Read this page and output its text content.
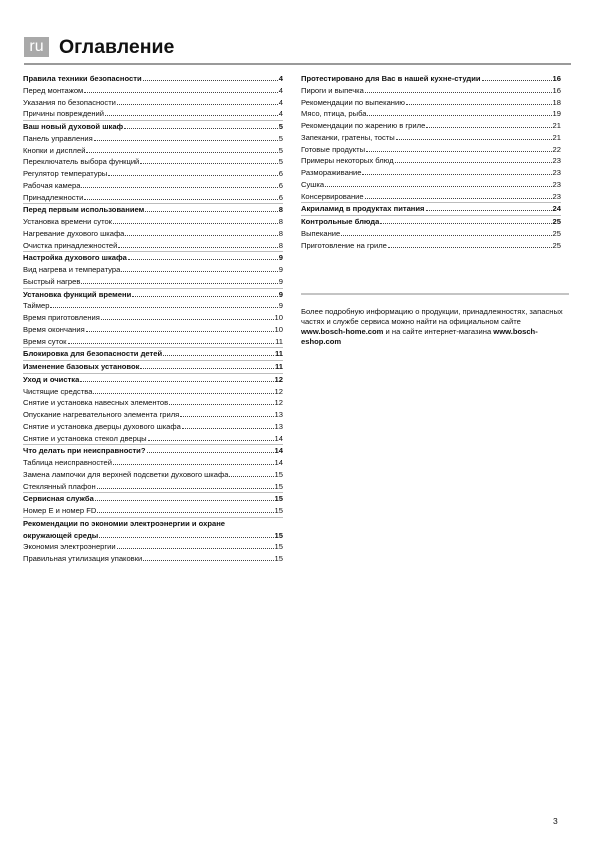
ru Оглавление
Правила техники безопасности	4
Перед монтажом	4
Указания по безопасности	4
Причины повреждений	4
Ваш новый духовой шкаф	5
Панель управления	5
Кнопки и дисплей	5
Переключатель выбора функций	5
Регулятор температуры	6
Рабочая камера	6
Принадлежности	6
Перед первым использованием	8
Установка времени суток	8
Нагревание духового шкафа	8
Очистка принадлежностей	8
Настройка духового шкафа	9
Вид нагрева и температура	9
Быстрый нагрев	9
Установка функций времени	9
Таймер	9
Время приготовления	10
Время окончания	10
Время суток	11
Блокировка для безопасности детей	11
Изменение базовых установок	11
Уход и очистка	12
Чистящие средства	12
Снятие и установка навесных элементов	12
Опускание нагревательного элемента гриля	13
Снятие и установка дверцы духового шкафа	13
Снятие и установка стекол дверцы	14
Что делать при неисправности?	14
Таблица неисправностей	14
Замена лампочки для верхней подсветки духового шкафа	15
Стеклянный плафон	15
Сервисная служба	15
Номер E и номер FD	15
Рекомендации по экономии электроэнергии и охране
окружающей среды	15
Экономия электроэнергии	15
Правильная утилизация упаковки	15
Протестировано для Вас в нашей кухне-студии	16
Пироги и выпечка	16
Рекомендации по выпеканию	18
Мясо, птица, рыба	19
Рекомендации по жарению в гриле	21
Запеканки, гратены, тосты	21
Готовые продукты	22
Примеры некоторых блюд	23
Размораживание	23
Сушка	23
Консервирование	23
Акриламид в продуктах питания	24
Контрольные блюда	25
Выпекание	25
Приготовление на гриле	25
Более подробную информацию о продукции, принадлежностях, запасных частях и службе сервиса можно найти на официальном сайте www.bosch-home.com и на сайте интернет-магазина www.bosch-eshop.com
3
